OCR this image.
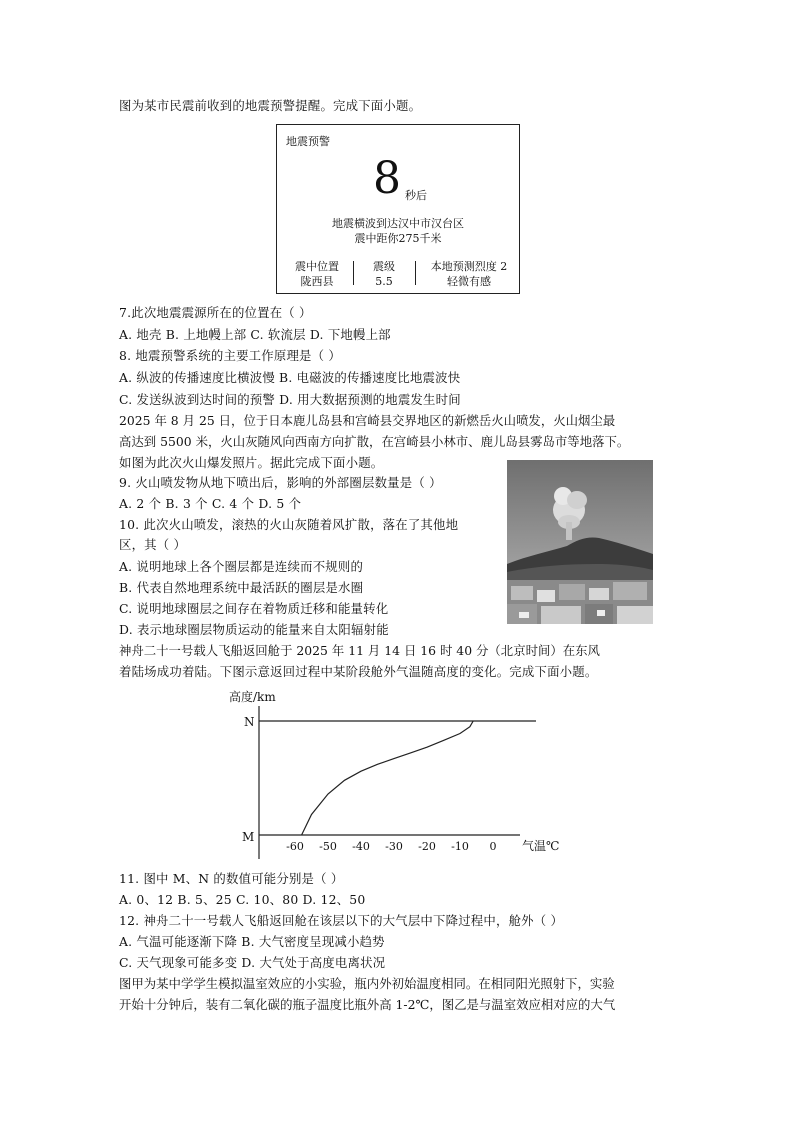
图为某市民震前收到的地震预警提醒。完成下面小题。
地震预警
8 秒后
地震横波到达汉中市汉台区
震中距你275千米
震中位置
陇西县
震级
5.5
本地预测烈度 2
轻微有感
7.此次地震震源所在的位置在（ ）
A. 地壳 B. 上地幔上部 C. 软流层 D. 下地幔上部
8. 地震预警系统的主要工作原理是（ ）
A. 纵波的传播速度比横波慢 B. 电磁波的传播速度比地震波快
C. 发送纵波到达时间的预警 D. 用大数据预测的地震发生时间
2025 年 8 月 25 日，位于日本鹿儿岛县和宫崎县交界地区的新燃岳火山喷发，火山烟尘最
高达到 5500 米，火山灰随风向西南方向扩散，在宫崎县小林市、鹿儿岛县雾岛市等地落下。
如图为此次火山爆发照片。据此完成下面小题。
9. 火山喷发物从地下喷出后，影响的外部圈层数量是（ ）
A. 2 个 B. 3 个 C. 4 个 D. 5 个
10. 此次火山喷发，滚热的火山灰随着风扩散，落在了其他地
区，其（ ）
A. 说明地球上各个圈层都是连续而不规则的
B. 代表自然地理系统中最活跃的圈层是水圈
C. 说明地球圈层之间存在着物质迁移和能量转化
D. 表示地球圈层物质运动的能量来自太阳辐射能
神舟二十一号载人飞船返回舱于 2025 年 11 月 14 日 16 时 40 分（北京时间）在东风
着陆场成功着陆。下图示意返回过程中某阶段舱外气温随高度的变化。完成下面小题。
高度/km
N
M
气温℃
-60 -50 -40 -30 -20 -10 0
11. 图中 M、N 的数值可能分别是（ ）
A. 0、12 B. 5、25 C. 10、80 D. 12、50
12. 神舟二十一号载人飞船返回舱在该层以下的大气层中下降过程中，舱外（ ）
A. 气温可能逐渐下降 B. 大气密度呈现减小趋势
C. 天气现象可能多变 D. 大气处于高度电离状况
图甲为某中学学生模拟温室效应的小实验，瓶内外初始温度相同。在相同阳光照射下，实验
开始十分钟后，装有二氧化碳的瓶子温度比瓶外高 1-2℃，图乙是与温室效应相对应的大气
